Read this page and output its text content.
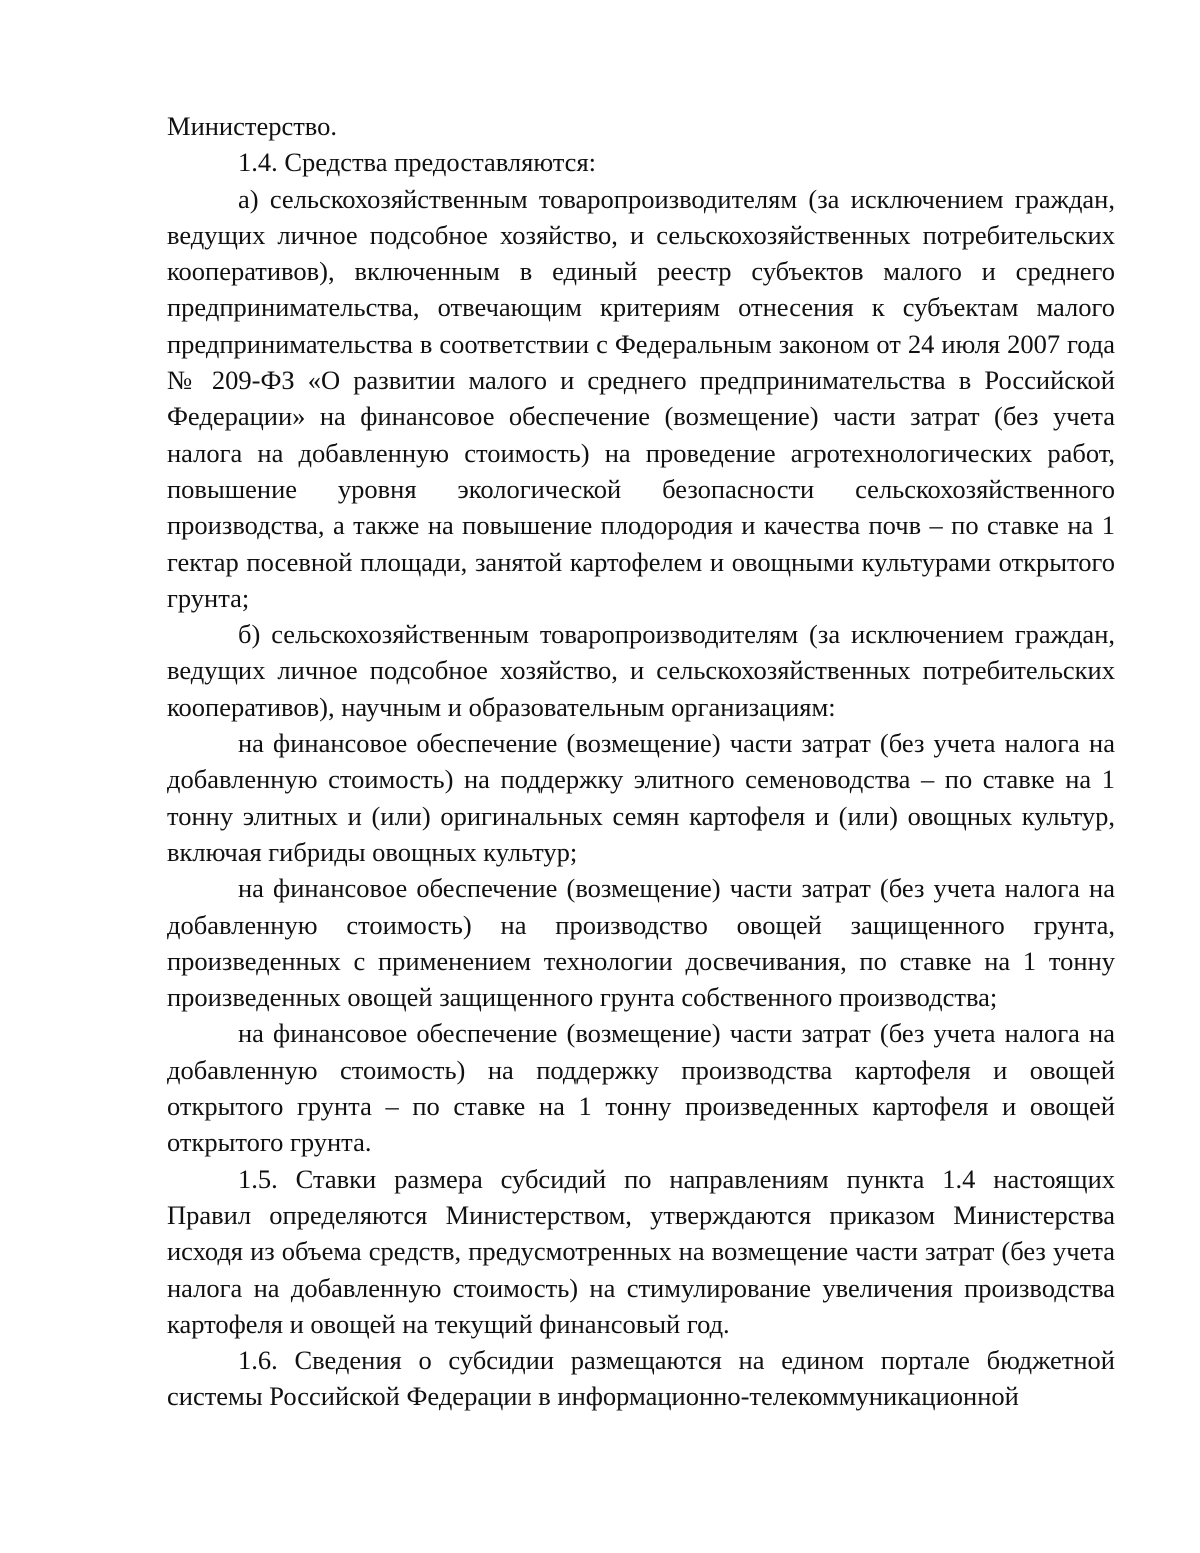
Министерство.

1.4. Средства предоставляются:

а) сельскохозяйственным товаропроизводителям (за исключением граждан, ведущих личное подсобное хозяйство, и сельскохозяйственных потребительских кооперативов), включенным в единый реестр субъектов малого и среднего предпринимательства, отвечающим критериям отнесения к субъектам малого предпринимательства в соответствии с Федеральным законом от 24 июля 2007 года № 209-ФЗ «О развитии малого и среднего предпринимательства в Российской Федерации» на финансовое обеспечение (возмещение) части затрат (без учета налога на добавленную стоимость) на проведение агротехнологических работ, повышение уровня экологической безопасности сельскохозяйственного производства, а также на повышение плодородия и качества почв – по ставке на 1 гектар посевной площади, занятой картофелем и овощными культурами открытого грунта;

б) сельскохозяйственным товаропроизводителям (за исключением граждан, ведущих личное подсобное хозяйство, и сельскохозяйственных потребительских кооперативов), научным и образовательным организациям:

на финансовое обеспечение (возмещение) части затрат (без учета налога на добавленную стоимость) на поддержку элитного семеноводства – по ставке на 1 тонну элитных и (или) оригинальных семян картофеля и (или) овощных культур, включая гибриды овощных культур;

на финансовое обеспечение (возмещение) части затрат (без учета налога на добавленную стоимость) на производство овощей защищенного грунта, произведенных с применением технологии досвечивания, по ставке на 1 тонну произведенных овощей защищенного грунта собственного производства;

на финансовое обеспечение (возмещение) части затрат (без учета налога на добавленную стоимость) на поддержку производства картофеля и овощей открытого грунта – по ставке на 1 тонну произведенных картофеля и овощей открытого грунта.

1.5. Ставки размера субсидий по направлениям пункта 1.4 настоящих Правил определяются Министерством, утверждаются приказом Министерства исходя из объема средств, предусмотренных на возмещение части затрат (без учета налога на добавленную стоимость) на стимулирование увеличения производства картофеля и овощей на текущий финансовый год.

1.6. Сведения о субсидии размещаются на едином портале бюджетной системы Российской Федерации в информационно-телекоммуникационной
